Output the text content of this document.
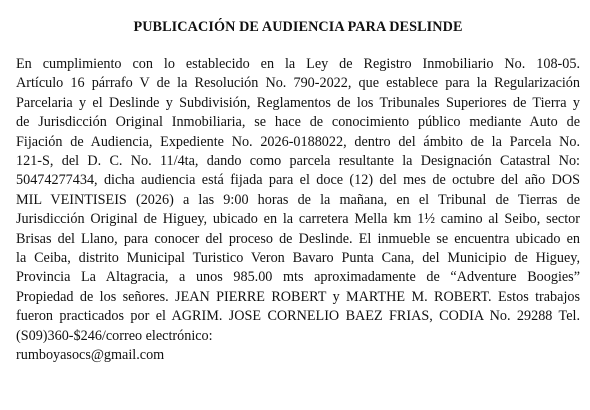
PUBLICACIÓN DE AUDIENCIA PARA DESLINDE

En cumplimiento con lo establecido en la Ley de Registro Inmobiliario No. 108-05.
Artículo 16 párrafo V de la Resolución No. 790-2022, que establece para la Regularización
Parcelaria y el Deslinde y Subdivisión, Reglamentos de los Tribunales Superiores de Tierra y
de Jurisdicción Original Inmobiliaria, se hace de conocimiento público mediante Auto de
Fijación de Audiencia, Expediente No. 2026-0188022, dentro del ámbito de la Parcela No.
121-S, del D. C. No. 11/4ta, dando como parcela resultante la Designación Catastral No:
50474277434, dicha audiencia está fijada para el doce (12) del mes de octubre del año DOS
MIL VEINTISEIS (2026) a las 9:00 horas de la mañana, en el Tribunal de Tierras de
Jurisdicción Original de Higuey, ubicado en la carretera Mella km 1½ camino al Seibo, sector
Brisas del Llano, para conocer del proceso de Deslinde. El inmueble se encuentra ubicado en
la Ceiba, distrito Municipal Turistico Veron Bavaro Punta Cana, del Municipio de Higuey,
Provincia La Altagracia, a unos 985.00 mts aproximadamente de “Adventure Boogies”
Propiedad de los señores. JEAN PIERRE ROBERT y MARTHE M. ROBERT. Estos trabajos
fueron practicados por el AGRIM. JOSE CORNELIO BAEZ FRIAS, CODIA No. 29288 Tel.
(S09)360-$246/correo electrónico:
rumboyasocs@gmail.com
